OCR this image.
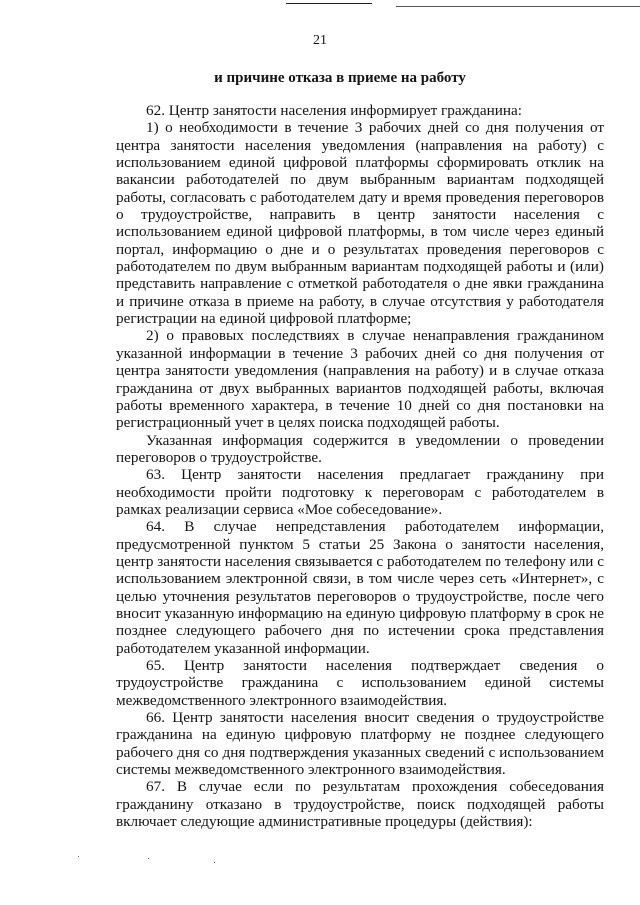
21
и причине отказа в приеме на работу

62. Центр занятости населения информирует гражданина:

1) о необходимости в течение 3 рабочих дней со дня получения от центра занятости населения уведомления (направления на работу) с использованием единой цифровой платформы сформировать отклик на вакансии работодателей по двум выбранным вариантам подходящей работы, согласовать с работодателем дату и время проведения переговоров о трудоустройстве, направить в центр занятости населения с использованием единой цифровой платформы, в том числе через единый портал, информацию о дне и о результатах проведения переговоров с работодателем по двум выбранным вариантам подходящей работы и (или) представить направление с отметкой работодателя о дне явки гражданина и причине отказа в приеме на работу, в случае отсутствия у работодателя регистрации на единой цифровой платформе;

2) о правовых последствиях в случае ненаправления гражданином указанной информации в течение 3 рабочих дней со дня получения от центра занятости уведомления (направления на работу) и в случае отказа гражданина от двух выбранных вариантов подходящей работы, включая работы временного характера, в течение 10 дней со дня постановки на регистрационный учет в целях поиска подходящей работы.

Указанная информация содержится в уведомлении о проведении переговоров о трудоустройстве.

63. Центр занятости населения предлагает гражданину при необходимости пройти подготовку к переговорам с работодателем в рамках реализации сервиса «Мое собеседование».

64. В случае непредставления работодателем информации, предусмотренной пунктом 5 статьи 25 Закона о занятости населения, центр занятости населения связывается с работодателем по телефону или с использованием электронной связи, в том числе через сеть «Интернет», с целью уточнения результатов переговоров о трудоустройстве, после чего вносит указанную информацию на единую цифровую платформу в срок не позднее следующего рабочего дня по истечении срока представления работодателем указанной информации.

65. Центр занятости населения подтверждает сведения о трудоустройстве гражданина с использованием единой системы межведомственного электронного взаимодействия.

66. Центр занятости населения вносит сведения о трудоустройстве гражданина на единую цифровую платформу не позднее следующего рабочего дня со дня подтверждения указанных сведений с использованием системы межведомственного электронного взаимодействия.

67. В случае если по результатам прохождения собеседования гражданину отказано в трудоустройстве, поиск подходящей работы включает следующие административные процедуры (действия):
